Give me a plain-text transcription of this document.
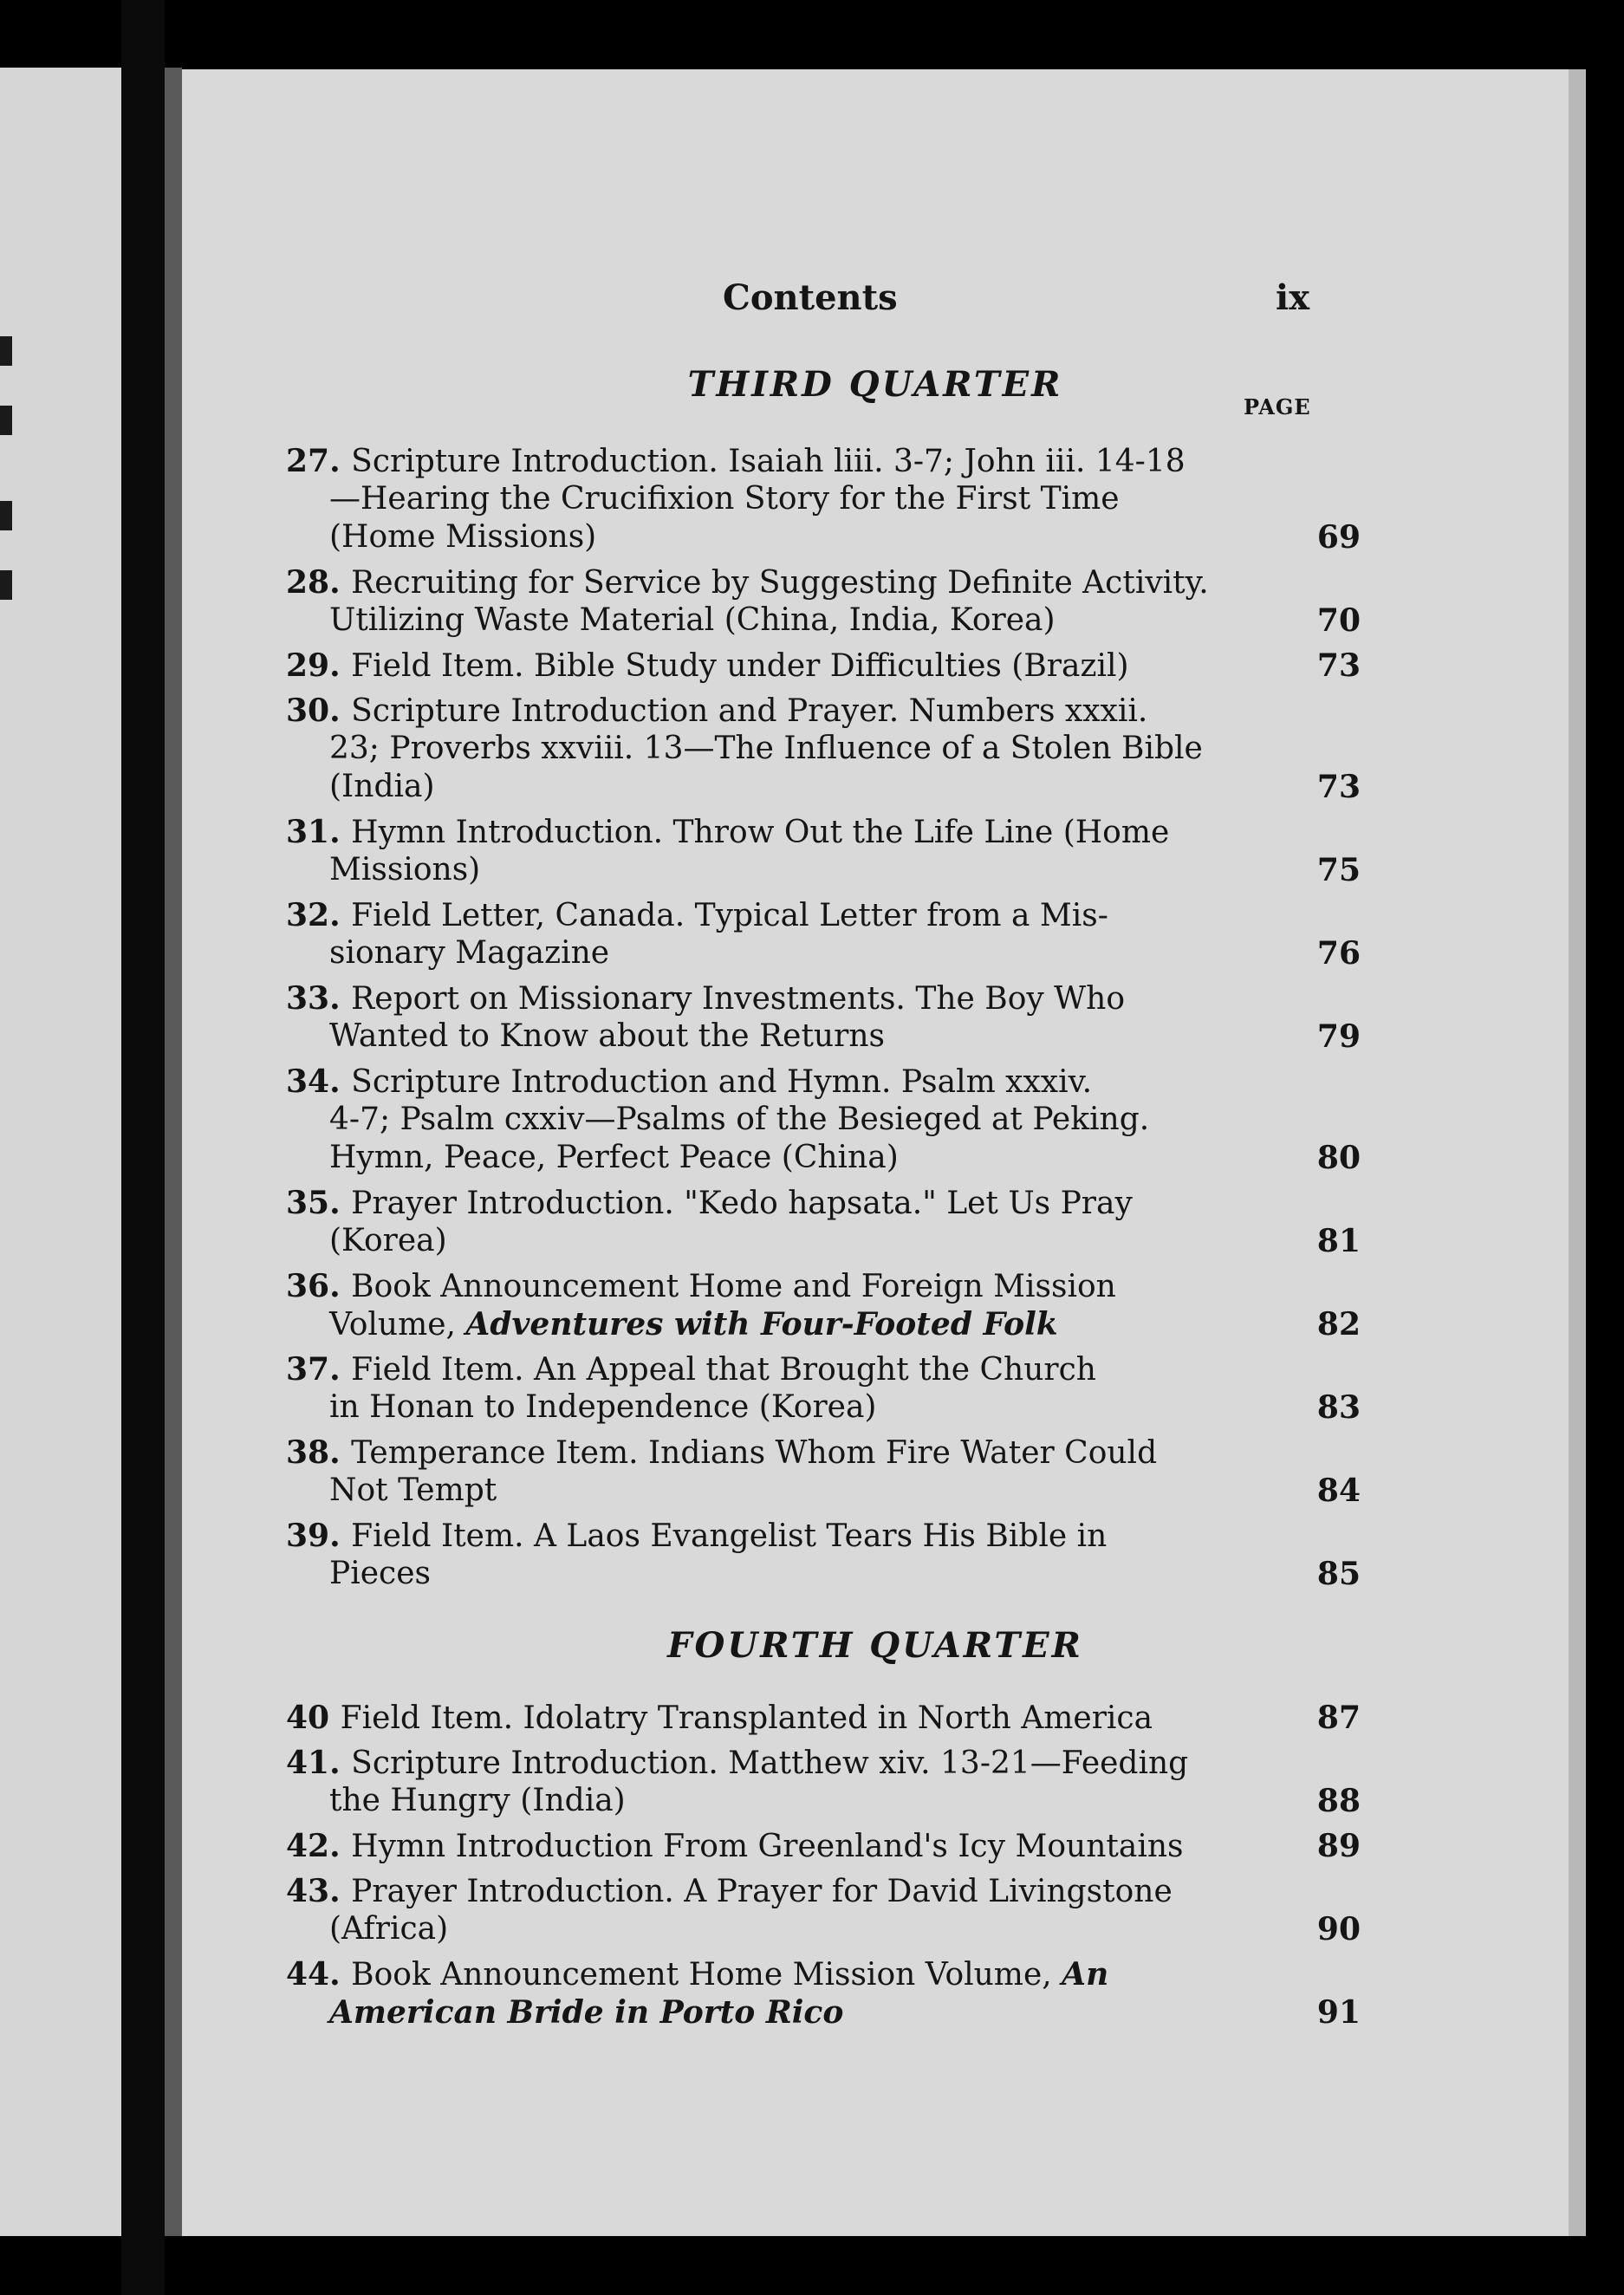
Contents	ix
THIRD QUARTER
PAGE
27. Scripture Introduction. Isaiah liii. 3-7; John iii. 14-18
—Hearing the Crucifixion Story for the First Time
(Home Missions)	69
28. Recruiting for Service by Suggesting Definite Activity.
Utilizing Waste Material (China, India, Korea)	70
29. Field Item. Bible Study under Difficulties (Brazil)	73
30. Scripture Introduction and Prayer. Numbers xxxii.
23; Proverbs xxviii. 13—The Influence of a Stolen Bible
(India)	73
31. Hymn Introduction. Throw Out the Life Line (Home
Missions)	75
32. Field Letter, Canada. Typical Letter from a Mis-
sionary Magazine	76
33. Report on Missionary Investments. The Boy Who
Wanted to Know about the Returns	79
34. Scripture Introduction and Hymn. Psalm xxxiv.
4-7; Psalm cxxiv—Psalms of the Besieged at Peking.
Hymn, Peace, Perfect Peace (China)	80
35. Prayer Introduction. "Kedo hapsata." Let Us Pray
(Korea)	81
36. Book Announcement Home and Foreign Mission
Volume, Adventures with Four-Footed Folk	82
37. Field Item. An Appeal that Brought the Church
in Honan to Independence (Korea)	83
38. Temperance Item. Indians Whom Fire Water Could
Not Tempt	84
39. Field Item. A Laos Evangelist Tears His Bible in
Pieces	85
FOURTH QUARTER
40 Field Item. Idolatry Transplanted in North America	87
41. Scripture Introduction. Matthew xiv. 13-21—Feeding
the Hungry (India)	88
42. Hymn Introduction From Greenland's Icy Mountains	89
43. Prayer Introduction. A Prayer for David Livingstone
(Africa)	90
44. Book Announcement Home Mission Volume, An
American Bride in Porto Rico	91
